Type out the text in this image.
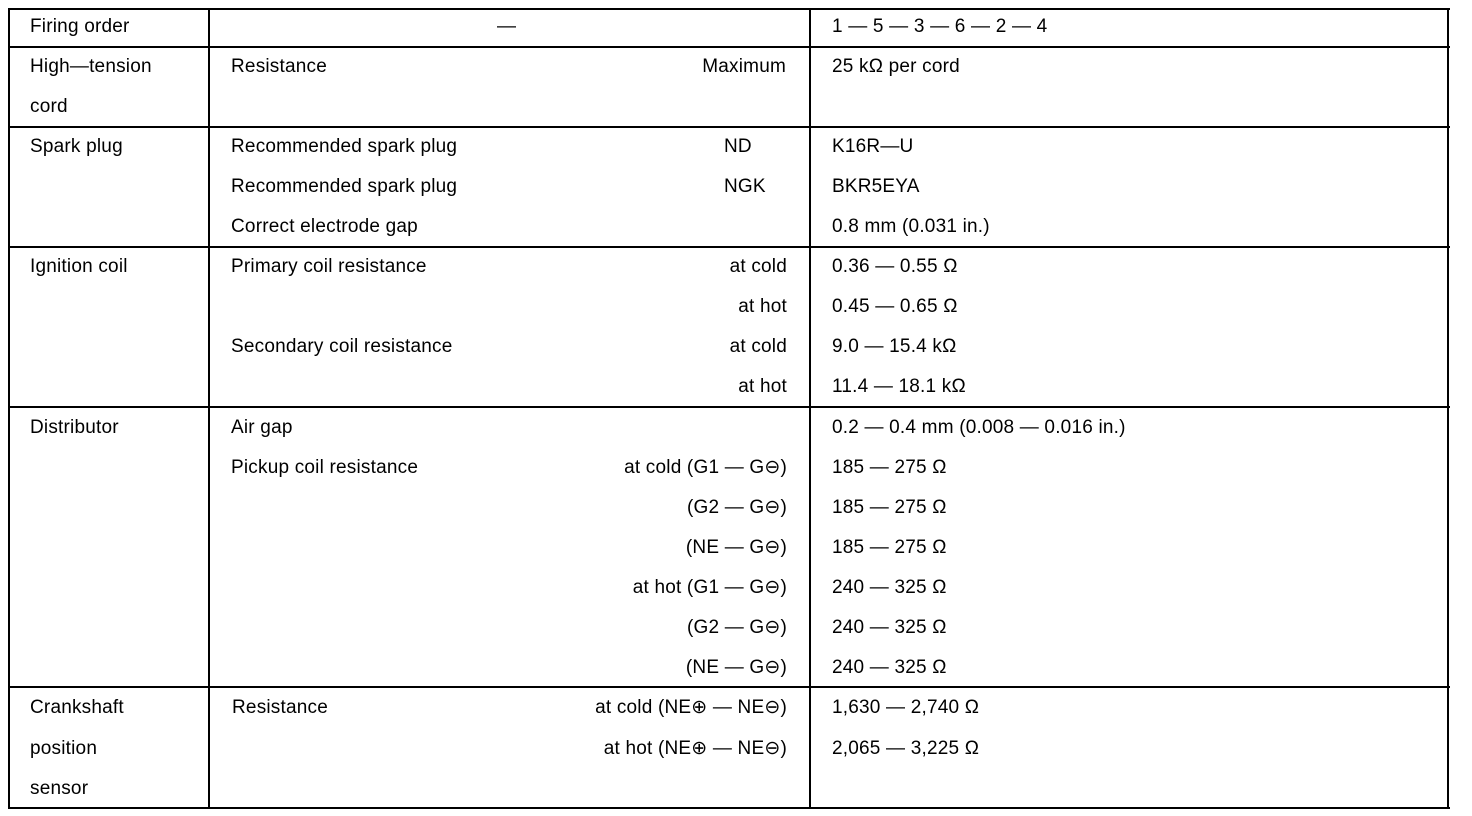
Firing order	—	1 — 5 — 3 — 6 — 2 — 4
High—tension
cord
Resistance	Maximum 25 kΩ per cord
Spark plug	Recommended spark plug	ND	K16R—U
Recommended spark plug	NGK	BKR5EYA
Correct electrode gap	0.8 mm (0.031 in.)
Ignition coil	Primary coil resistance	at cold 0.36 — 0.55 Ω
at hot 0.45 — 0.65 Ω
Secondary coil resistance	at cold 9.0 — 15.4 kΩ
at hot 11.4 — 18.1 kΩ
Distributor	Air gap	0.2 — 0.4 mm (0.008 — 0.016 in.)
Pickup coil resistance	at cold (G1 — G⊖) 185 — 275 Ω
(G2 — G⊖) 185 — 275 Ω
(NE — G⊖) 185 — 275 Ω
at hot (G1 — G⊖) 240 — 325 Ω
(G2 — G⊖) 240 — 325 Ω
(NE — G⊖) 240 — 325 Ω
Crankshaft
position
sensor
Resistance	at cold (NE⊕ — NE⊖) 1,630 — 2,740 Ω
at hot (NE⊕ — NE⊖) 2,065 — 3,225 Ω
